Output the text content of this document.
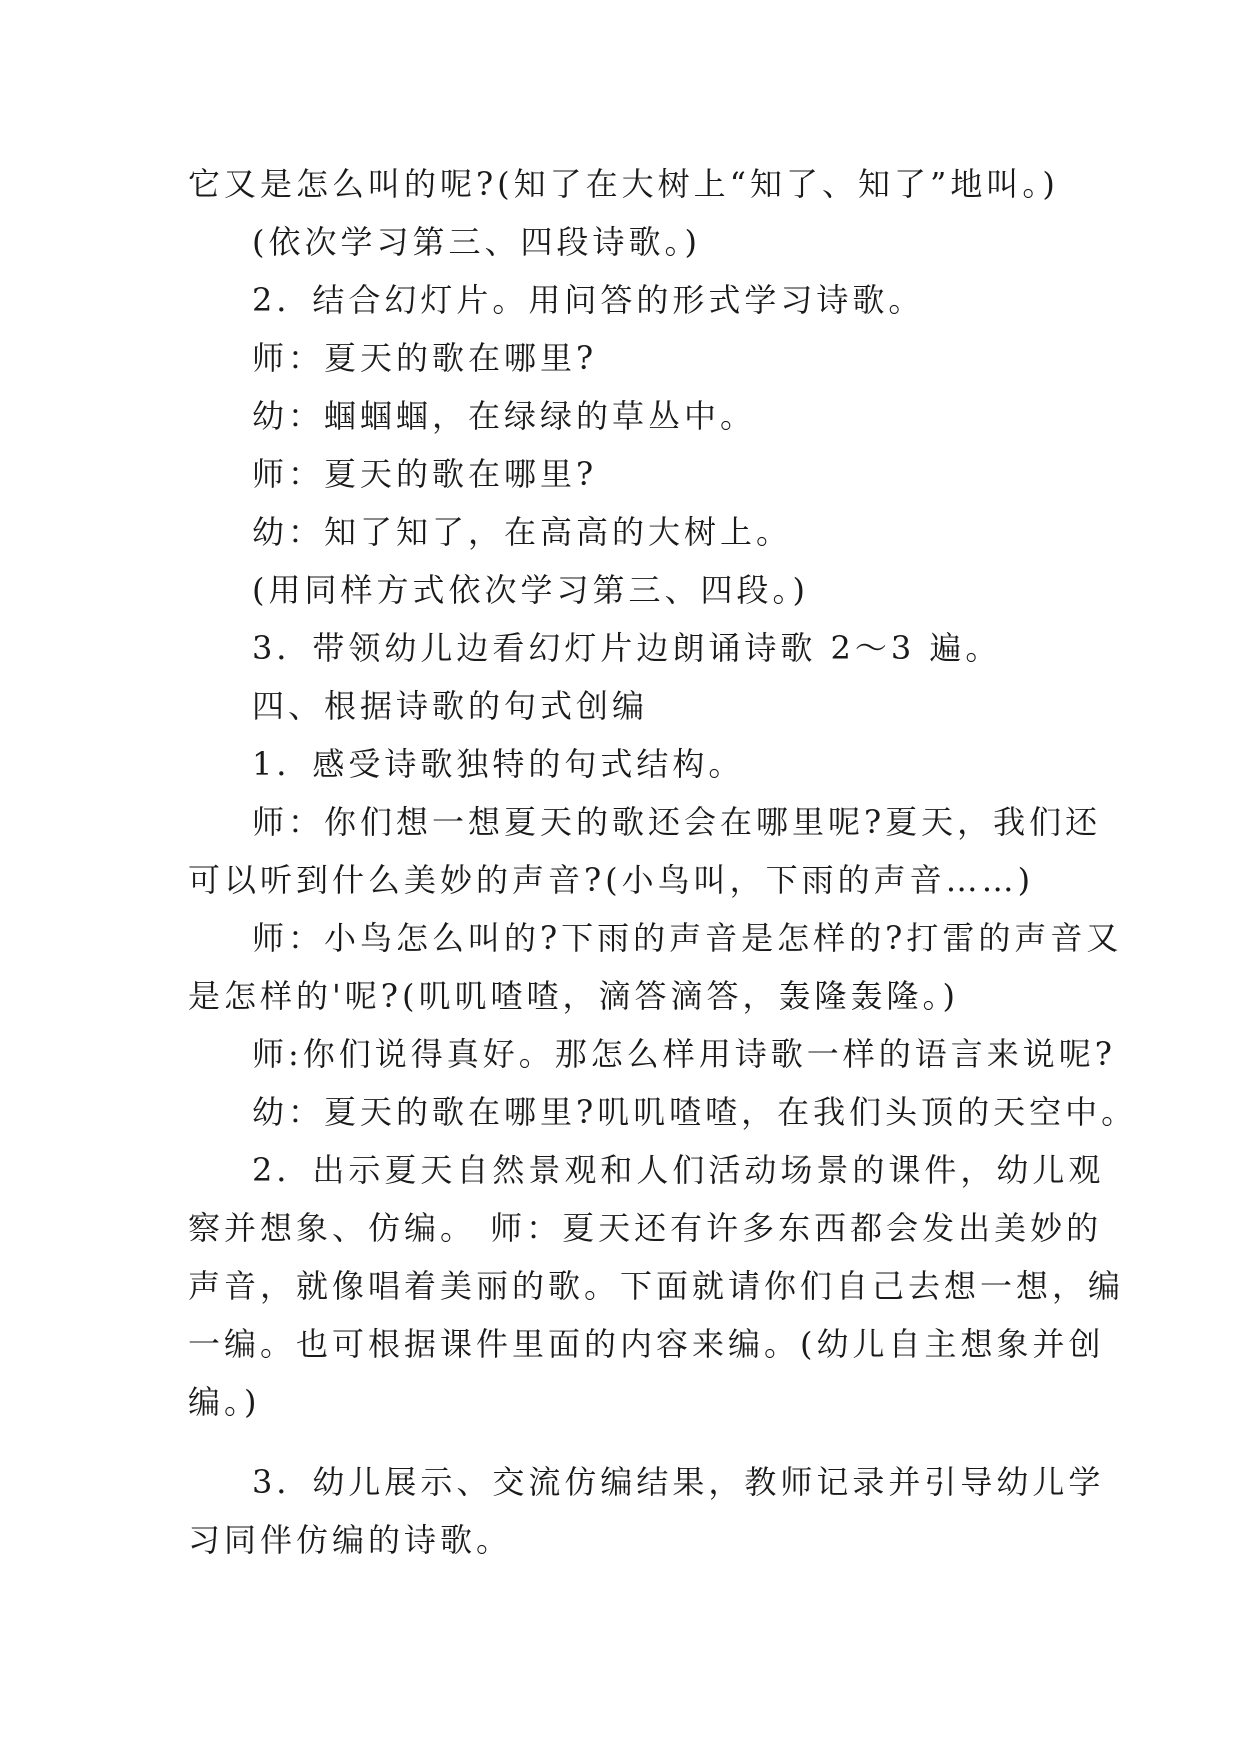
它又是怎么叫的呢?(知了在大树上“知了、知了”地叫。)
(依次学习第三、四段诗歌。)
2．结合幻灯片。用问答的形式学习诗歌。
师：夏天的歌在哪里?
幼：蝈蝈蝈，在绿绿的草丛中。
师：夏天的歌在哪里?
幼：知了知了，在高高的大树上。
(用同样方式依次学习第三、四段。)
3．带领幼儿边看幻灯片边朗诵诗歌 2～3 遍。
四、根据诗歌的句式创编
1．感受诗歌独特的句式结构。
师：你们想一想夏天的歌还会在哪里呢?夏天，我们还
可以听到什么美妙的声音?(小鸟叫，下雨的声音……)
师：小鸟怎么叫的?下雨的声音是怎样的?打雷的声音又
是怎样的'呢?(叽叽喳喳，滴答滴答，轰隆轰隆。)
师:你们说得真好。那怎么样用诗歌一样的语言来说呢?
幼：夏天的歌在哪里?叽叽喳喳，在我们头顶的天空中。
2．出示夏天自然景观和人们活动场景的课件，幼儿观
察并想象、仿编。 师：夏天还有许多东西都会发出美妙的
声音，就像唱着美丽的歌。下面就请你们自己去想一想，编
一编。也可根据课件里面的内容来编。(幼儿自主想象并创
编。)
3．幼儿展示、交流仿编结果，教师记录并引导幼儿学
习同伴仿编的诗歌。
